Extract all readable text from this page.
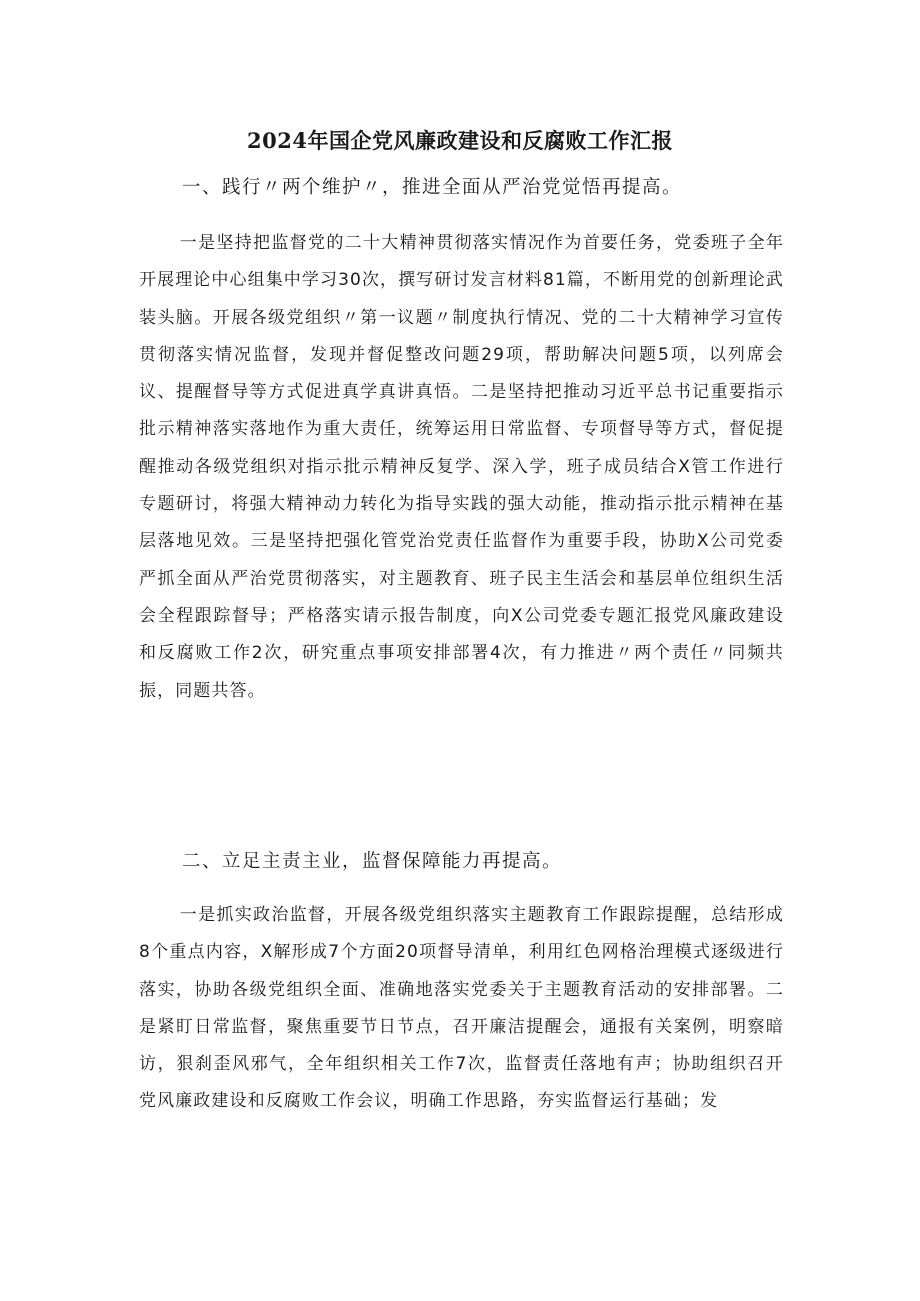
2024年国企党风廉政建设和反腐败工作汇报

一、践行〃两个维护〃，推进全面从严治党觉悟再提高。

一是坚持把监督党的二十大精神贯彻落实情况作为首要任务，党委班子全年开展理论中心组集中学习30次，撰写研讨发言材料81篇，不断用党的创新理论武装头脑。开展各级党组织〃第一议题〃制度执行情况、党的二十大精神学习宣传贯彻落实情况监督，发现并督促整改问题29项，帮助解决问题5项，以列席会议、提醒督导等方式促进真学真讲真悟。二是坚持把推动习近平总书记重要指示批示精神落实落地作为重大责任，统筹运用日常监督、专项督导等方式，督促提醒推动各级党组织对指示批示精神反复学、深入学，班子成员结合X管工作进行专题研讨，将强大精神动力转化为指导实践的强大动能，推动指示批示精神在基层落地见效。三是坚持把强化管党治党责任监督作为重要手段，协助X公司党委严抓全面从严治党贯彻落实，对主题教育、班子民主生活会和基层单位组织生活会全程跟踪督导；严格落实请示报告制度，向X公司党委专题汇报党风廉政建设和反腐败工作2次，研究重点事项安排部署4次，有力推进〃两个责任〃同频共振，同题共答。

二、立足主责主业，监督保障能力再提高。

一是抓实政治监督，开展各级党组织落实主题教育工作跟踪提醒，总结形成8个重点内容，X解形成7个方面20项督导清单，利用红色网格治理模式逐级进行落实，协助各级党组织全面、准确地落实党委关于主题教育活动的安排部署。二是紧盯日常监督，聚焦重要节日节点，召开廉洁提醒会，通报有关案例，明察暗访，狠刹歪风邪气，全年组织相关工作7次，监督责任落地有声；协助组织召开党风廉政建设和反腐败工作会议，明确工作思路，夯实监督运行基础；发
